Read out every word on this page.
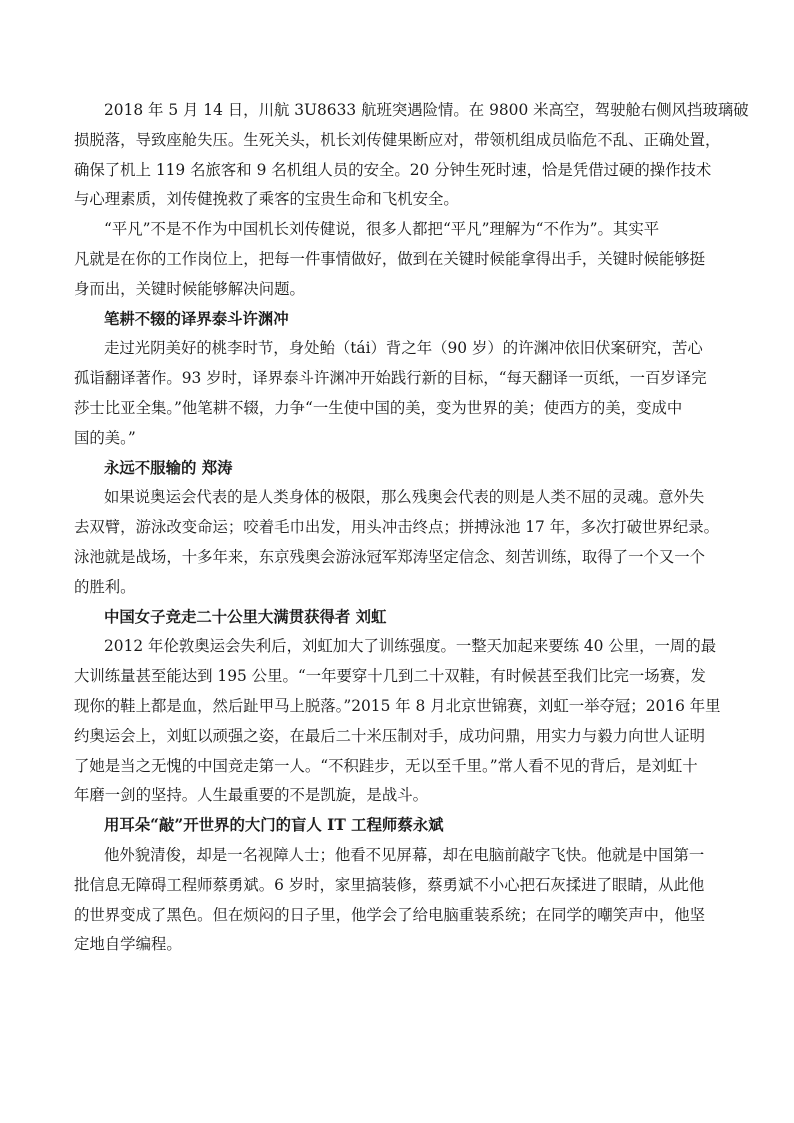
2018 年 5 月 14 日，川航 3U8633 航班突遇险情。在 9800 米高空，驾驶舱右侧风挡玻璃破
损脱落，导致座舱失压。生死关头，机长刘传健果断应对，带领机组成员临危不乱、正确处置，
确保了机上 119 名旅客和 9 名机组人员的安全。20 分钟生死时速，恰是凭借过硬的操作技术
与心理素质，刘传健挽救了乘客的宝贵生命和飞机安全。
“平凡”不是不作为中国机长刘传健说，很多人都把“平凡”理解为“不作为”。其实平
凡就是在你的工作岗位上，把每一件事情做好，做到在关键时候能拿得出手，关键时候能够挺
身而出，关键时候能够解决问题。
笔耕不辍的译界泰斗许渊冲
走过光阴美好的桃李时节，身处鲐（tái）背之年（90 岁）的许渊冲依旧伏案研究，苦心
孤诣翻译著作。93 岁时，译界泰斗许渊冲开始践行新的目标，“每天翻译一页纸，一百岁译完
莎士比亚全集。”他笔耕不辍，力争“一生使中国的美，变为世界的美；使西方的美，变成中
国的美。”
永远不服输的 郑涛
如果说奥运会代表的是人类身体的极限，那么残奥会代表的则是人类不屈的灵魂。意外失
去双臂，游泳改变命运；咬着毛巾出发，用头冲击终点；拼搏泳池 17 年，多次打破世界纪录。
泳池就是战场，十多年来，东京残奥会游泳冠军郑涛坚定信念、刻苦训练，取得了一个又一个
的胜利。
中国女子竞走二十公里大满贯获得者 刘虹
2012 年伦敦奥运会失利后，刘虹加大了训练强度。一整天加起来要练 40 公里，一周的最
大训练量甚至能达到 195 公里。“一年要穿十几到二十双鞋，有时候甚至我们比完一场赛，发
现你的鞋上都是血，然后趾甲马上脱落。”2015 年 8 月北京世锦赛，刘虹一举夺冠；2016 年里
约奥运会上，刘虹以顽强之姿，在最后二十米压制对手，成功问鼎，用实力与毅力向世人证明
了她是当之无愧的中国竞走第一人。“不积跬步，无以至千里。”常人看不见的背后，是刘虹十
年磨一剑的坚持。人生最重要的不是凯旋，是战斗。
用耳朵“敲”开世界的大门的盲人 IT 工程师蔡永斌
他外貌清俊，却是一名视障人士；他看不见屏幕，却在电脑前敲字飞快。他就是中国第一
批信息无障碍工程师蔡勇斌。6 岁时，家里搞装修，蔡勇斌不小心把石灰揉进了眼睛，从此他
的世界变成了黑色。但在烦闷的日子里，他学会了给电脑重装系统；在同学的嘲笑声中，他坚
定地自学编程。
